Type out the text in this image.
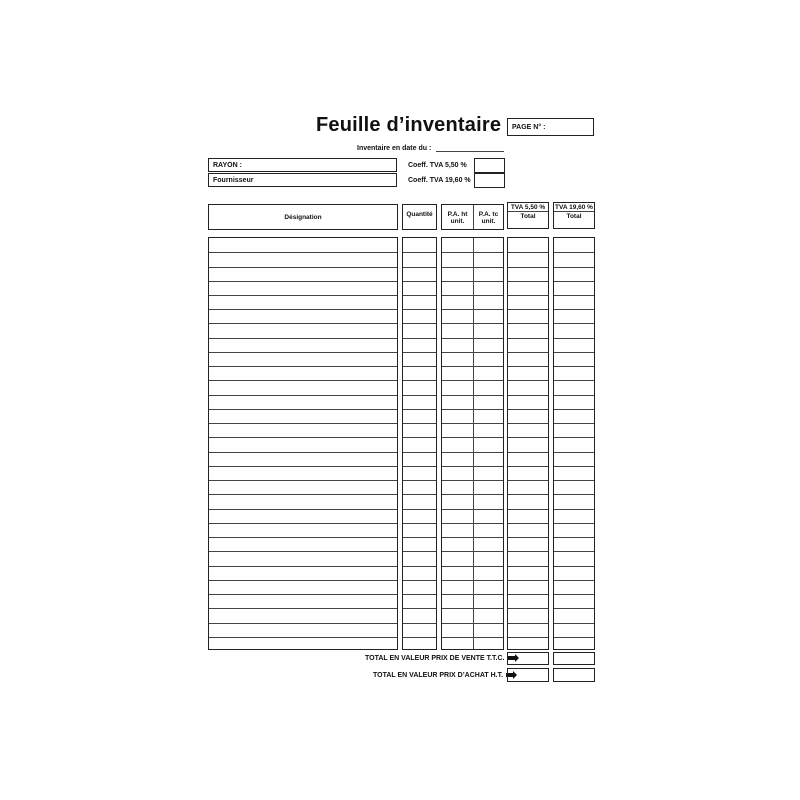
Feuille d’inventaire PAGE N° :
Inventaire en date du :
RAYON :
Fournisseur
Coeff. TVA 5,50 %
Coeff. TVA 19,60 %
Désignation	Quantité	P.A. ht
unit.
P.A. tc
unit.
TVA 5,50 %
Total
TVA 19,60 %
Total
TOTAL EN VALEUR PRIX DE VENTE T.T.C.
TOTAL EN VALEUR PRIX D’ACHAT H.T.
